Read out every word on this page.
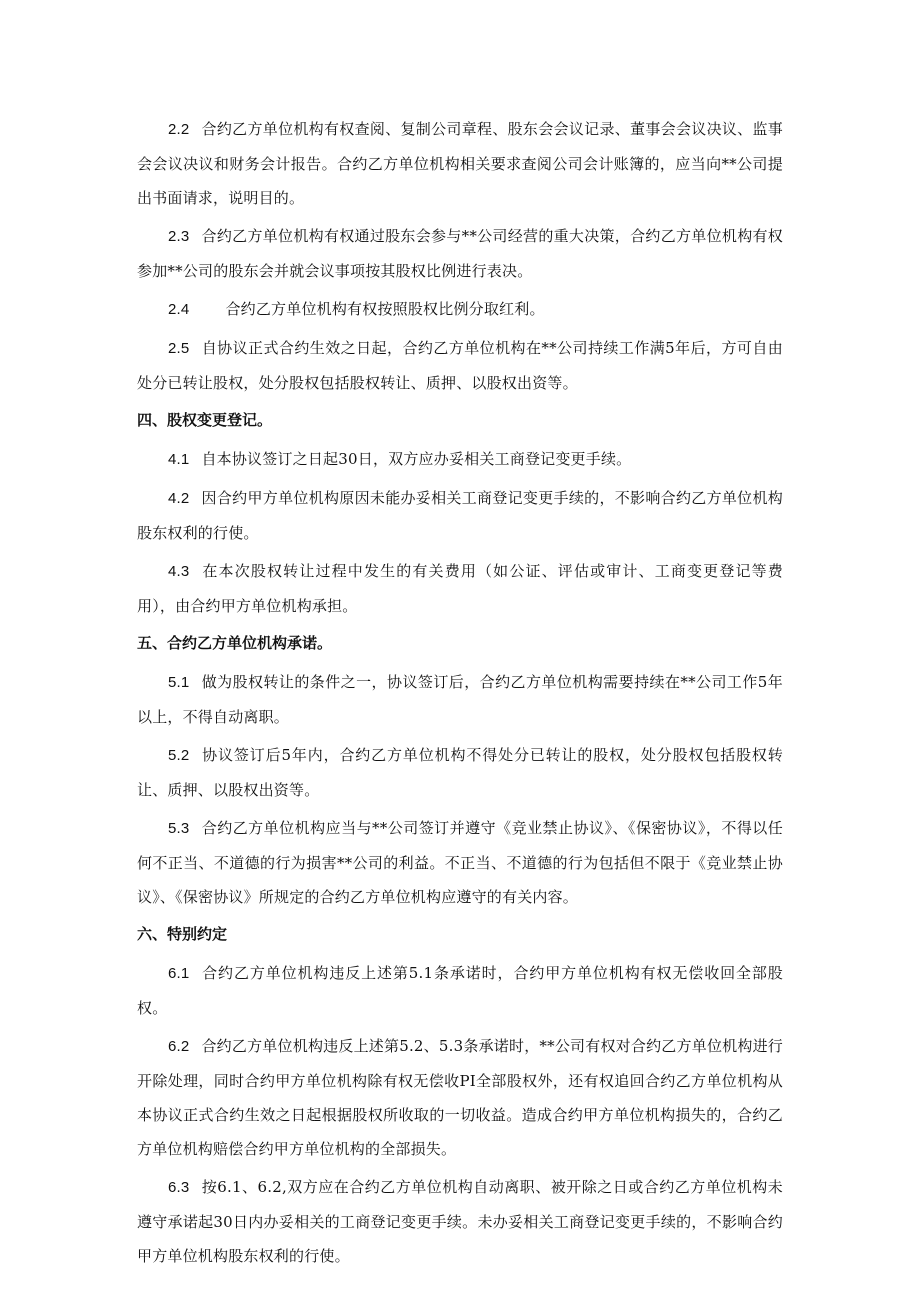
2.2 合约乙方单位机构有权查阅、复制公司章程、股东会会议记录、董事会会议决议、监事会会议决议和财务会计报告。合约乙方单位机构相关要求查阅公司会计账簿的，应当向**公司提出书面请求，说明目的。

2.3 合约乙方单位机构有权通过股东会参与**公司经营的重大决策，合约乙方单位机构有权参加**公司的股东会并就会议事项按其股权比例进行表决。

2.4 合约乙方单位机构有权按照股权比例分取红利。

2.5 自协议正式合约生效之日起，合约乙方单位机构在**公司持续工作满5年后，方可自由处分已转让股权，处分股权包括股权转让、质押、以股权出资等。

四、股权变更登记。

4.1 自本协议签订之日起30日，双方应办妥相关工商登记变更手续。

4.2 因合约甲方单位机构原因未能办妥相关工商登记变更手续的，不影响合约乙方单位机构股东权利的行使。

4.3 在本次股权转让过程中发生的有关费用（如公证、评估或审计、工商变更登记等费用），由合约甲方单位机构承担。

五、合约乙方单位机构承诺。

5.1 做为股权转让的条件之一，协议签订后，合约乙方单位机构需要持续在**公司工作5年以上，不得自动离职。

5.2 协议签订后5年内，合约乙方单位机构不得处分已转让的股权，处分股权包括股权转让、质押、以股权出资等。

5.3 合约乙方单位机构应当与**公司签订并遵守《竞业禁止协议》、《保密协议》，不得以任何不正当、不道德的行为损害**公司的利益。不正当、不道德的行为包括但不限于《竞业禁止协议》、《保密协议》所规定的合约乙方单位机构应遵守的有关内容。

六、特别约定

6.1 合约乙方单位机构违反上述第5.1条承诺时，合约甲方单位机构有权无偿收回全部股权。

6.2 合约乙方单位机构违反上述第5.2、5.3条承诺时，**公司有权对合约乙方单位机构进行开除处理，同时合约甲方单位机构除有权无偿收PI全部股权外，还有权追回合约乙方单位机构从本协议正式合约生效之日起根据股权所收取的一切收益。造成合约甲方单位机构损失的，合约乙方单位机构赔偿合约甲方单位机构的全部损失。

6.3 按6.1、6.2,双方应在合约乙方单位机构自动离职、被开除之日或合约乙方单位机构未遵守承诺起30日内办妥相关的工商登记变更手续。未办妥相关工商登记变更手续的，不影响合约甲方单位机构股东权利的行使。
